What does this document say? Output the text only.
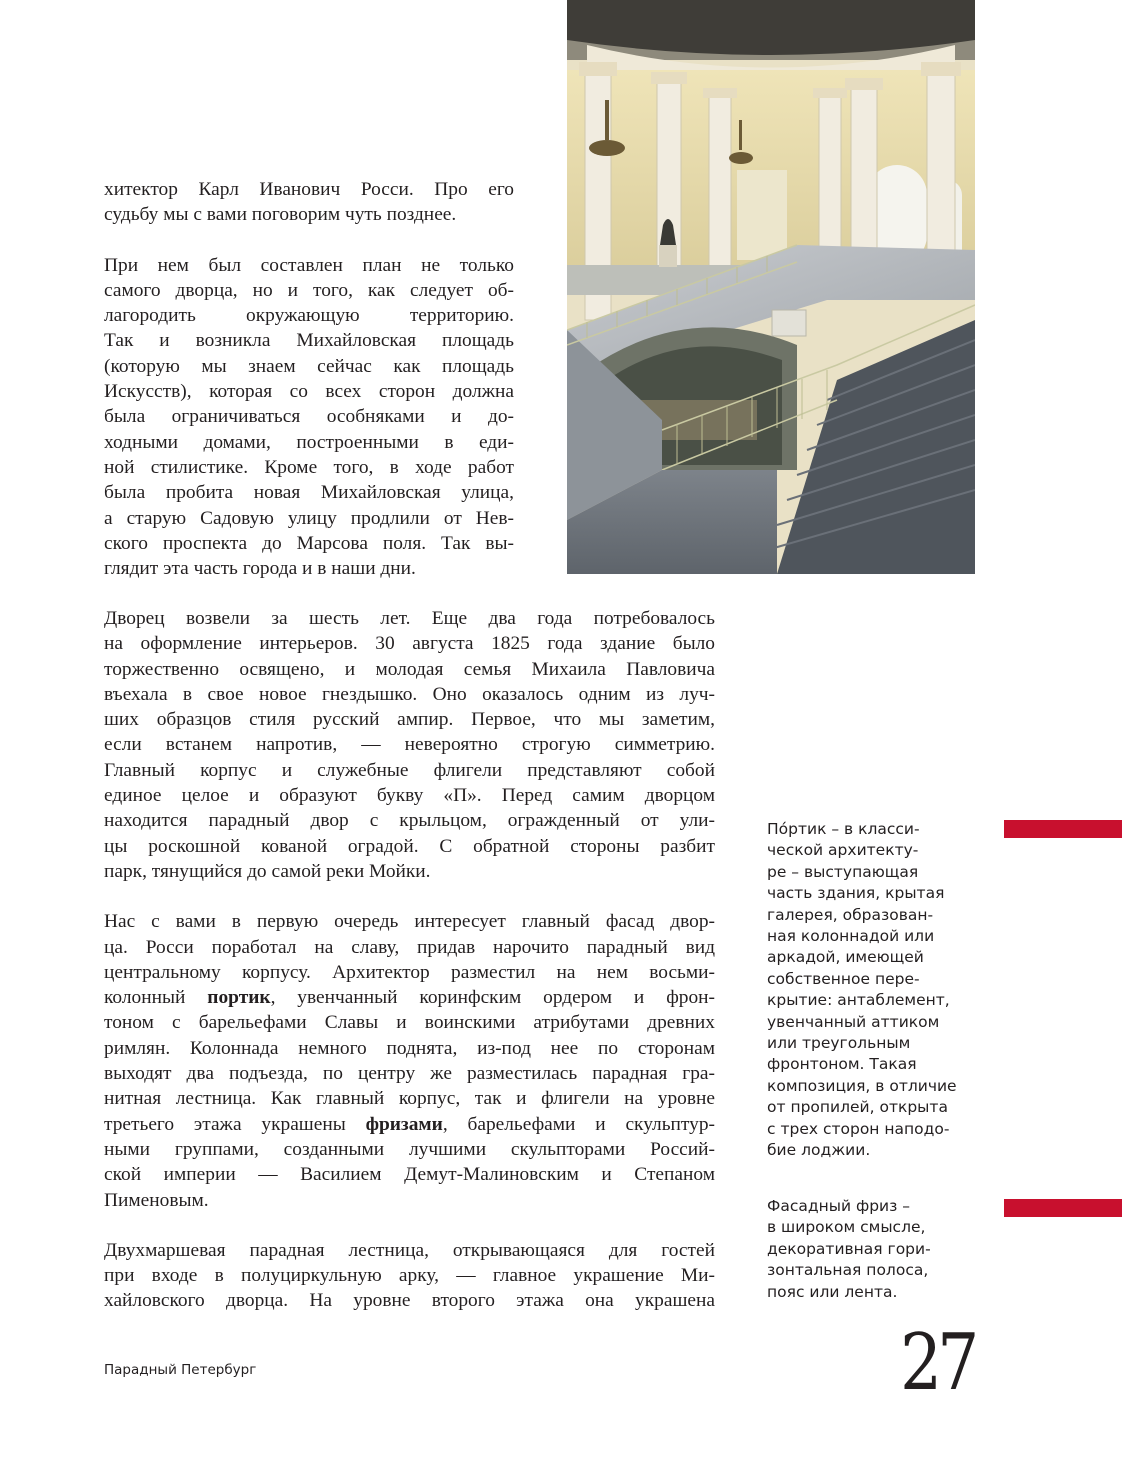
хитектор Карл Иванович Росси. Про его
судьбу мы с вами поговорим чуть позднее.

При нем был составлен план не только
самого дворца, но и того, как следует об-
лагородить окружающую территорию.
Так и возникла Михайловская площадь
(которую мы знаем сейчас как площадь
Искусств), которая со всех сторон должна
была ограничиваться особняками и до-
ходными домами, построенными в еди-
ной стилистике. Кроме того, в ходе работ
была пробита новая Михайловская улица,
а старую Садовую улицу продлили от Нев-
ского проспекта до Марсова поля. Так вы-
глядит эта часть города и в наши дни.

Дворец возвели за шесть лет. Еще два года потребовалось
на оформление интерьеров. 30 августа 1825 года здание было
торжественно освящено, и молодая семья Михаила Павловича
въехала в свое новое гнездышко. Оно оказалось одним из луч-
ших образцов стиля русский ампир. Первое, что мы заметим,
если встанем напротив, — невероятно строгую симметрию.
Главный корпус и служебные флигели представляют собой
единое целое и образуют букву «П». Перед самим дворцом
находится парадный двор с крыльцом, огражденный от ули-
цы роскошной кованой оградой. С обратной стороны разбит
парк, тянущийся до самой реки Мойки.

Нас с вами в первую очередь интересует главный фасад двор-
ца. Росси поработал на славу, придав нарочито парадный вид
центральному корпусу. Архитектор разместил на нем восьми-
колонный портик, увенчанный коринфским ордером и фрон-
тоном с барельефами Славы и воинскими атрибутами древних
римлян. Колоннада немного поднята, из-под нее по сторонам
выходят два подъезда, по центру же разместилась парадная гра-
нитная лестница. Как главный корпус, так и флигели на уровне
третьего этажа украшены фризами, барельефами и скульптур-
ными группами, созданными лучшими скульпторами Россий-
ской империи — Василием Демут-Малиновским и Степаном
Пименовым.

Двухмаршевая парадная лестница, открывающаяся для гостей
при входе в полуциркульную арку, — главное украшение Ми-
хайловского дворца. На уровне второго этажа она украшена

По́ртик – в класси-
ческой архитекту-
ре – выступающая
часть здания, крытая
галерея, образован-
ная колоннадой или
аркадой, имеющей
собственное пере-
крытие: антаблемент,
увенчанный аттиком
или треугольным
фронтоном. Такая
композиция, в отличие
от пропилей, открыта
с трех сторон наподо-
бие лоджии.
Фасадный фриз –
в широком смысле,
декоративная гори-
зонтальная полоса,
пояс или лента.
Парадный Петербург	27
